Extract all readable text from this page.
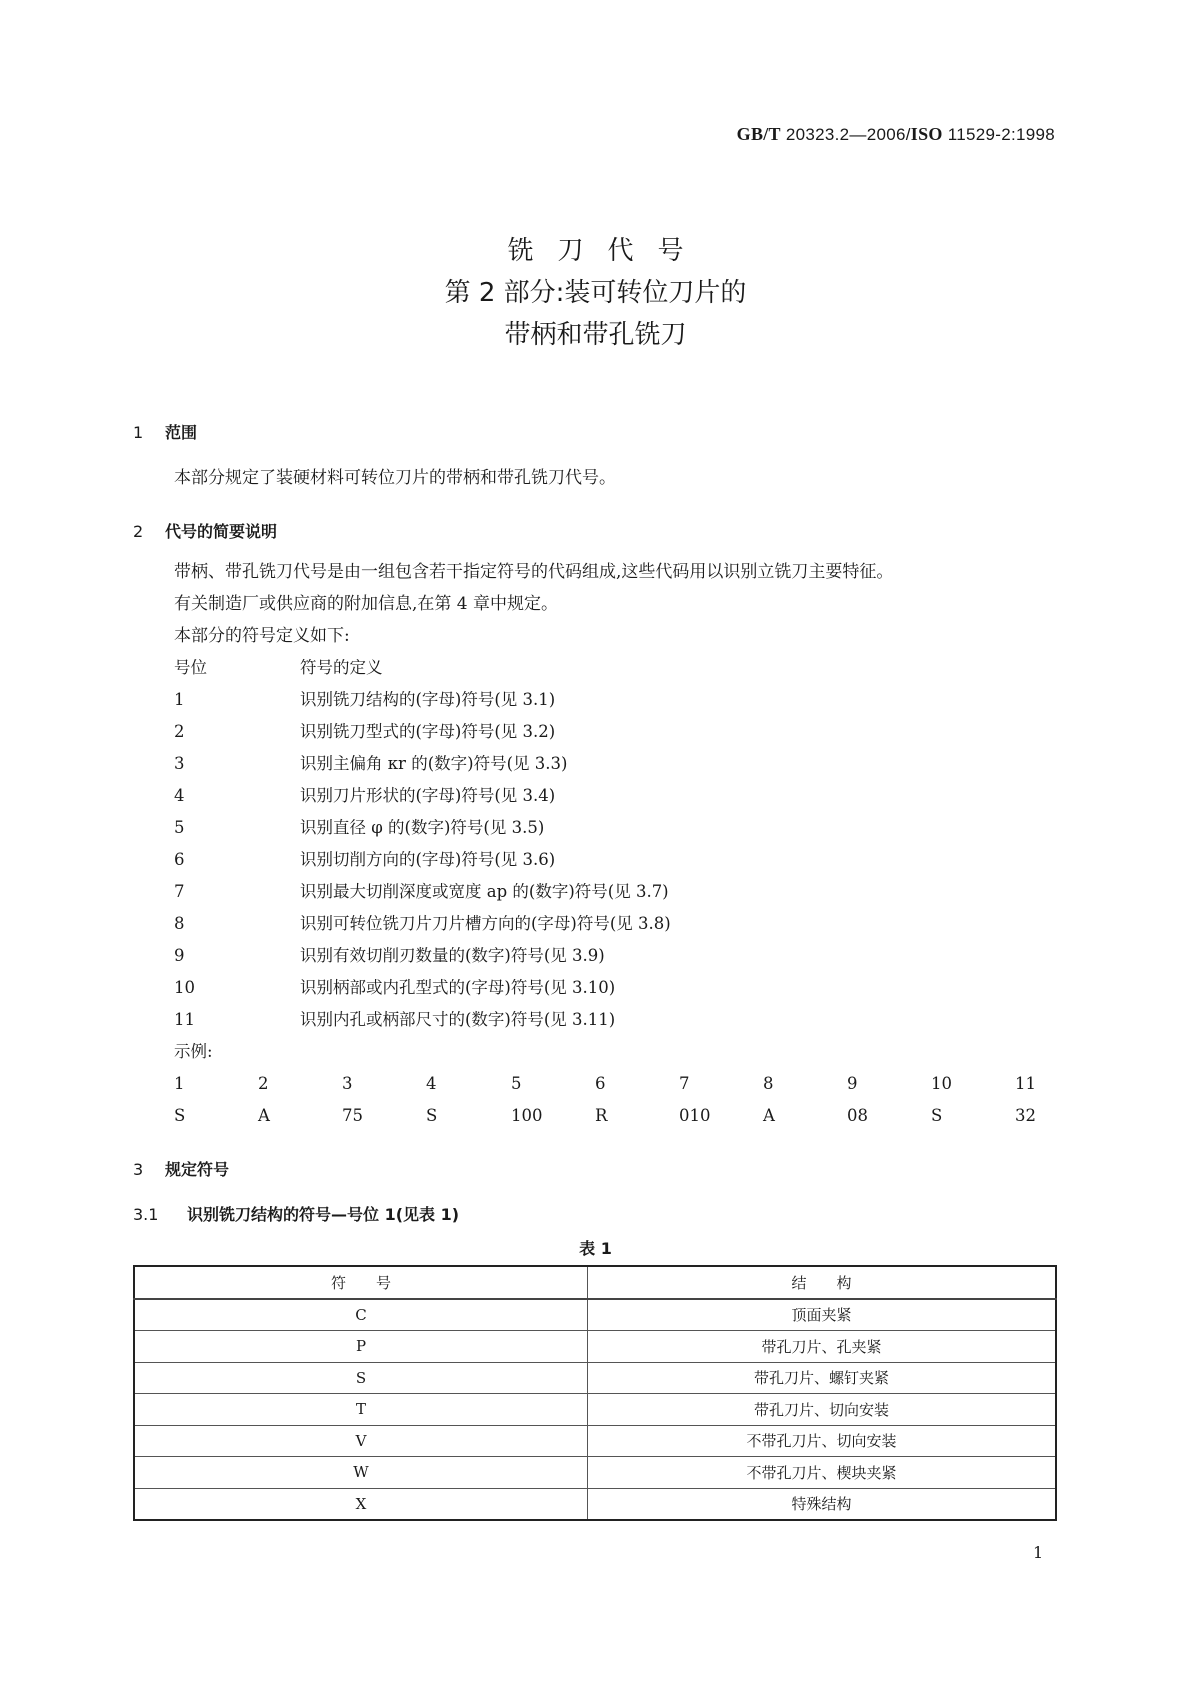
GB/T 20323.2—2006/ISO 11529-2:1998
铣刀代号
第 2 部分:装可转位刀片的
带柄和带孔铣刀
1 范围
本部分规定了装硬材料可转位刀片的带柄和带孔铣刀代号。
2 代号的简要说明
带柄、带孔铣刀代号是由一组包含若干指定符号的代码组成,这些代码用以识别立铣刀主要特征。
有关制造厂或供应商的附加信息,在第 4 章中规定。
本部分的符号定义如下:
号位	符号的定义
1	识别铣刀结构的(字母)符号(见 3.1)
2	识别铣刀型式的(字母)符号(见 3.2)
3	识别主偏角 κr 的(数字)符号(见 3.3)
4	识别刀片形状的(字母)符号(见 3.4)
5	识别直径 φ 的(数字)符号(见 3.5)
6	识别切削方向的(字母)符号(见 3.6)
7	识别最大切削深度或宽度 ap 的(数字)符号(见 3.7)
8	识别可转位铣刀片刀片槽方向的(字母)符号(见 3.8)
9	识别有效切削刃数量的(数字)符号(见 3.9)
10	识别柄部或内孔型式的(字母)符号(见 3.10)
11	识别内孔或柄部尺寸的(数字)符号(见 3.11)
示例:
1	2	3	4	5	6	7	8	9	10	11
S	A	75	S	100	R	010	A	08	S	32
3 规定符号
3.1 识别铣刀结构的符号—号位 1(见表 1)
表 1
符　　号	结　　构
C	顶面夹紧
P	带孔刀片、孔夹紧
S	带孔刀片、螺钉夹紧
T	带孔刀片、切向安装
V	不带孔刀片、切向安装
W	不带孔刀片、楔块夹紧
X	特殊结构
1
